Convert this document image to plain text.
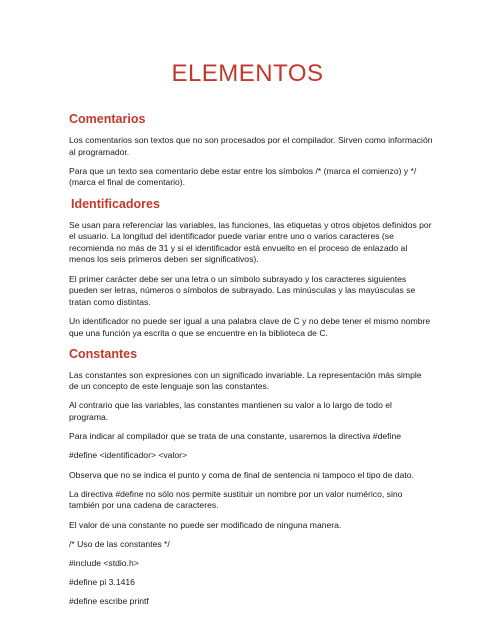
ELEMENTOS
Comentarios

Los comentarios son textos que no son procesados por el compilador. Sirven como información al programador.

Para que un texto sea comentario debe estar entre los símbolos /* (marca el comienzo) y */ (marca el final de comentario).

Identificadores

Se usan para referenciar las variables, las funciones, las etiquetas y otros objetos definidos por el usuario. La longitud del identificador puede variar entre uno o varios caracteres (se recomienda no más de 31 y si el identificador está envuelto en el proceso de enlazado al menos los seis primeros deben ser significativos).

El primer carácter debe ser una letra o un símbolo subrayado y los caracteres siguientes pueden ser letras, números o símbolos de subrayado. Las minúsculas y las mayúsculas se tratan como distintas.

Un identificador no puede ser igual a una palabra clave de C y no debe tener el mismo nombre que una función ya escrita o que se encuentre en la biblioteca de C.

Constantes

Las constantes son expresiones con un significado invariable. La representación más simple de un concepto de este lenguaje son las constantes.

Al contrario que las variables, las constantes mantienen su valor a lo largo de todo el programa.

Para indicar al compilador que se trata de una constante, usaremos la directiva #define

#define <identificador> <valor>

Observa que no se indica el punto y coma de final de sentencia ni tampoco el tipo de dato.

La directiva #define no sólo nos permite sustituir un nombre por un valor numérico, sino también por una cadena de caracteres.

El valor de una constante no puede ser modificado de ninguna manera.

/* Uso de las constantes */

#include <stdio.h>

#define pi 3.1416

#define escribe printf
